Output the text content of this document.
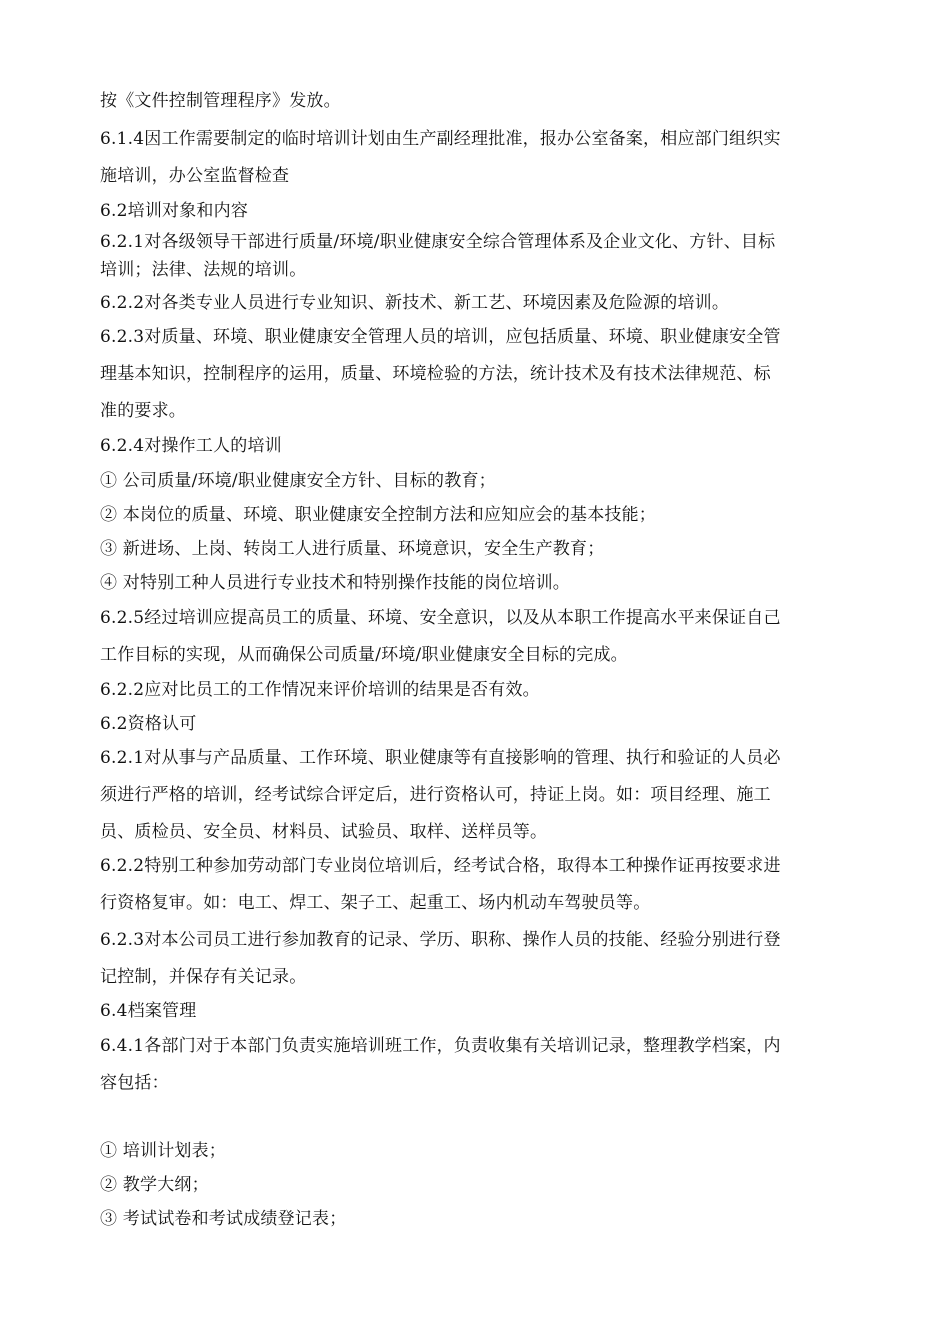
按《文件控制管理程序》发放。
6.1.4因工作需要制定的临时培训计划由生产副经理批准，报办公室备案，相应部门组织实
施培训，办公室监督检查
6.2培训对象和内容
6.2.1对各级领导干部进行质量/环境/职业健康安全综合管理体系及企业文化、方针、目标
培训；法律、法规的培训。
6.2.2对各类专业人员进行专业知识、新技术、新工艺、环境因素及危险源的培训。
6.2.3对质量、环境、职业健康安全管理人员的培训，应包括质量、环境、职业健康安全管
理基本知识，控制程序的运用，质量、环境检验的方法，统计技术及有技术法律规范、标
准的要求。
6.2.4对操作工人的培训
① 公司质量/环境/职业健康安全方针、目标的教育；
② 本岗位的质量、环境、职业健康安全控制方法和应知应会的基本技能；
③ 新进场、上岗、转岗工人进行质量、环境意识，安全生产教育；
④ 对特别工种人员进行专业技术和特别操作技能的岗位培训。
6.2.5经过培训应提高员工的质量、环境、安全意识，以及从本职工作提高水平来保证自己
工作目标的实现，从而确保公司质量/环境/职业健康安全目标的完成。
6.2.2应对比员工的工作情况来评价培训的结果是否有效。
6.2资格认可
6.2.1对从事与产品质量、工作环境、职业健康等有直接影响的管理、执行和验证的人员必
须进行严格的培训，经考试综合评定后，进行资格认可，持证上岗。如：项目经理、施工
员、质检员、安全员、材料员、试验员、取样、送样员等。
6.2.2特别工种参加劳动部门专业岗位培训后，经考试合格，取得本工种操作证再按要求进
行资格复审。如：电工、焊工、架子工、起重工、场内机动车驾驶员等。
6.2.3对本公司员工进行参加教育的记录、学历、职称、操作人员的技能、经验分别进行登
记控制，并保存有关记录。
6.4档案管理
6.4.1各部门对于本部门负责实施培训班工作，负责收集有关培训记录，整理教学档案，内
容包括：
① 培训计划表；
② 教学大纲；
③ 考试试卷和考试成绩登记表；
